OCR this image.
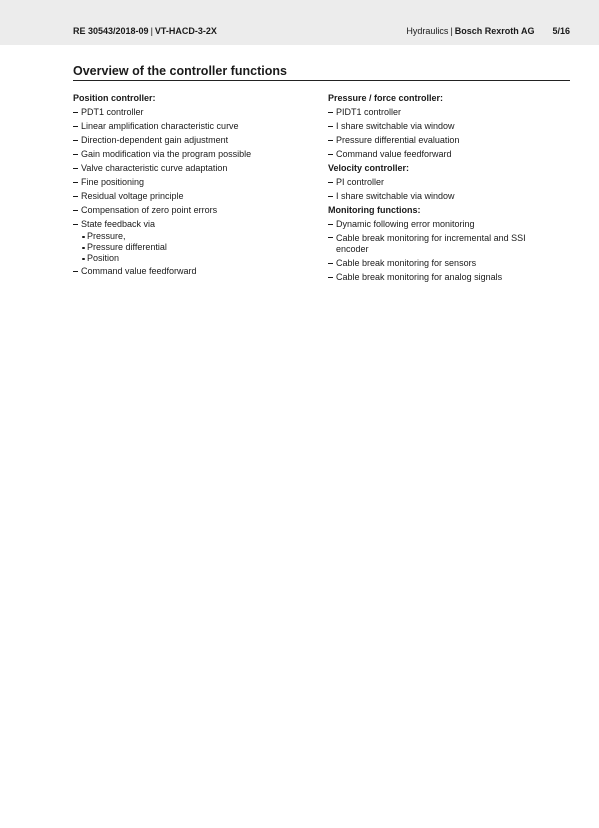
RE 30543/2018-09 | VT-HACD-3-2X	Hydraulics | Bosch Rexroth AG 5/16
Overview of the controller functions
Position controller:
PDT1 controller
Linear amplification characteristic curve
Direction-dependent gain adjustment
Gain modification via the program possible
Valve characteristic curve adaptation
Fine positioning
Residual voltage principle
Compensation of zero point errors
State feedback via
Pressure,
Pressure differential
Position
Command value feedforward
Pressure / force controller:
PIDT1 controller
I share switchable via window
Pressure differential evaluation
Command value feedforward
Velocity controller:
PI controller
I share switchable via window
Monitoring functions:
Dynamic following error monitoring
Cable break monitoring for incremental and SSI encoder
Cable break monitoring for sensors
Cable break monitoring for analog signals
